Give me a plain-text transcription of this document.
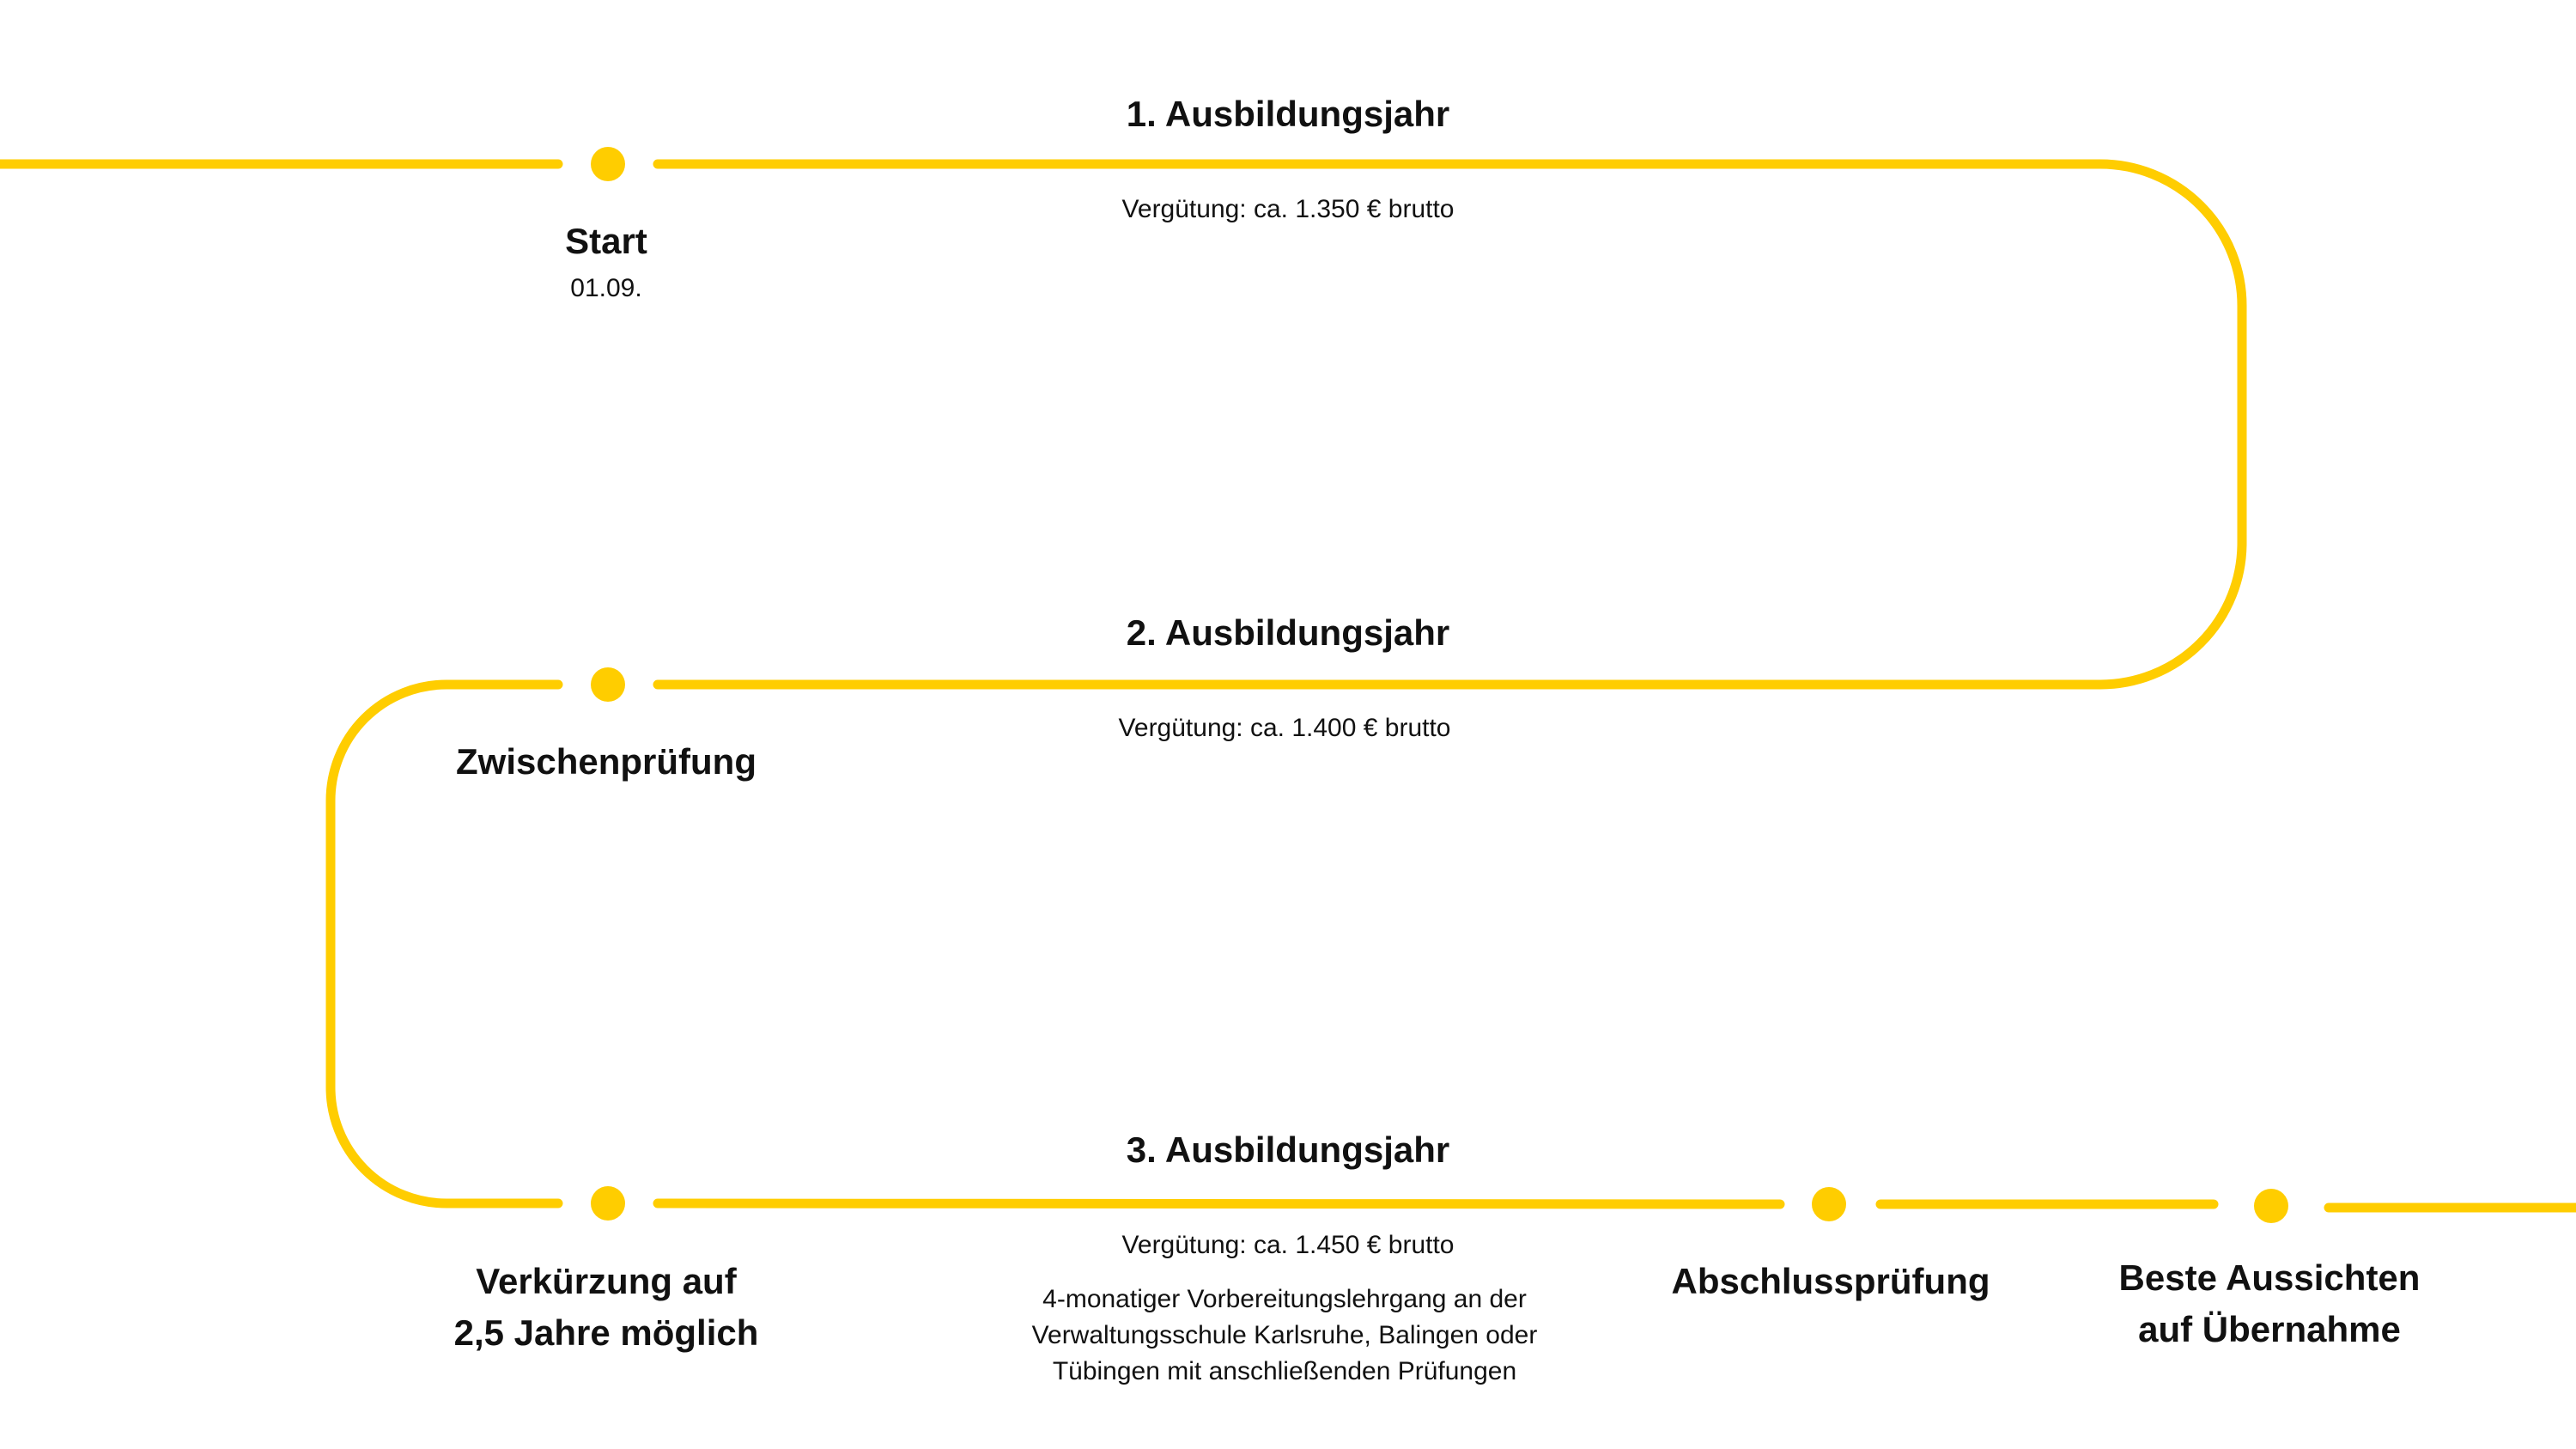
1. Ausbildungsjahr
Vergütung: ca. 1.350 € brutto
2. Ausbildungsjahr
Vergütung: ca. 1.400 € brutto
3. Ausbildungsjahr
Vergütung: ca. 1.450 € brutto
4-monatiger Vorbereitungslehrgang an der
Verwaltungsschule Karlsruhe, Balingen oder
Tübingen mit anschließenden Prüfungen
Start
01.09.
Zwischenprüfung
Verkürzung auf
2,5 Jahre möglich
Abschlussprüfung	Beste Aussichten
auf Übernahme
